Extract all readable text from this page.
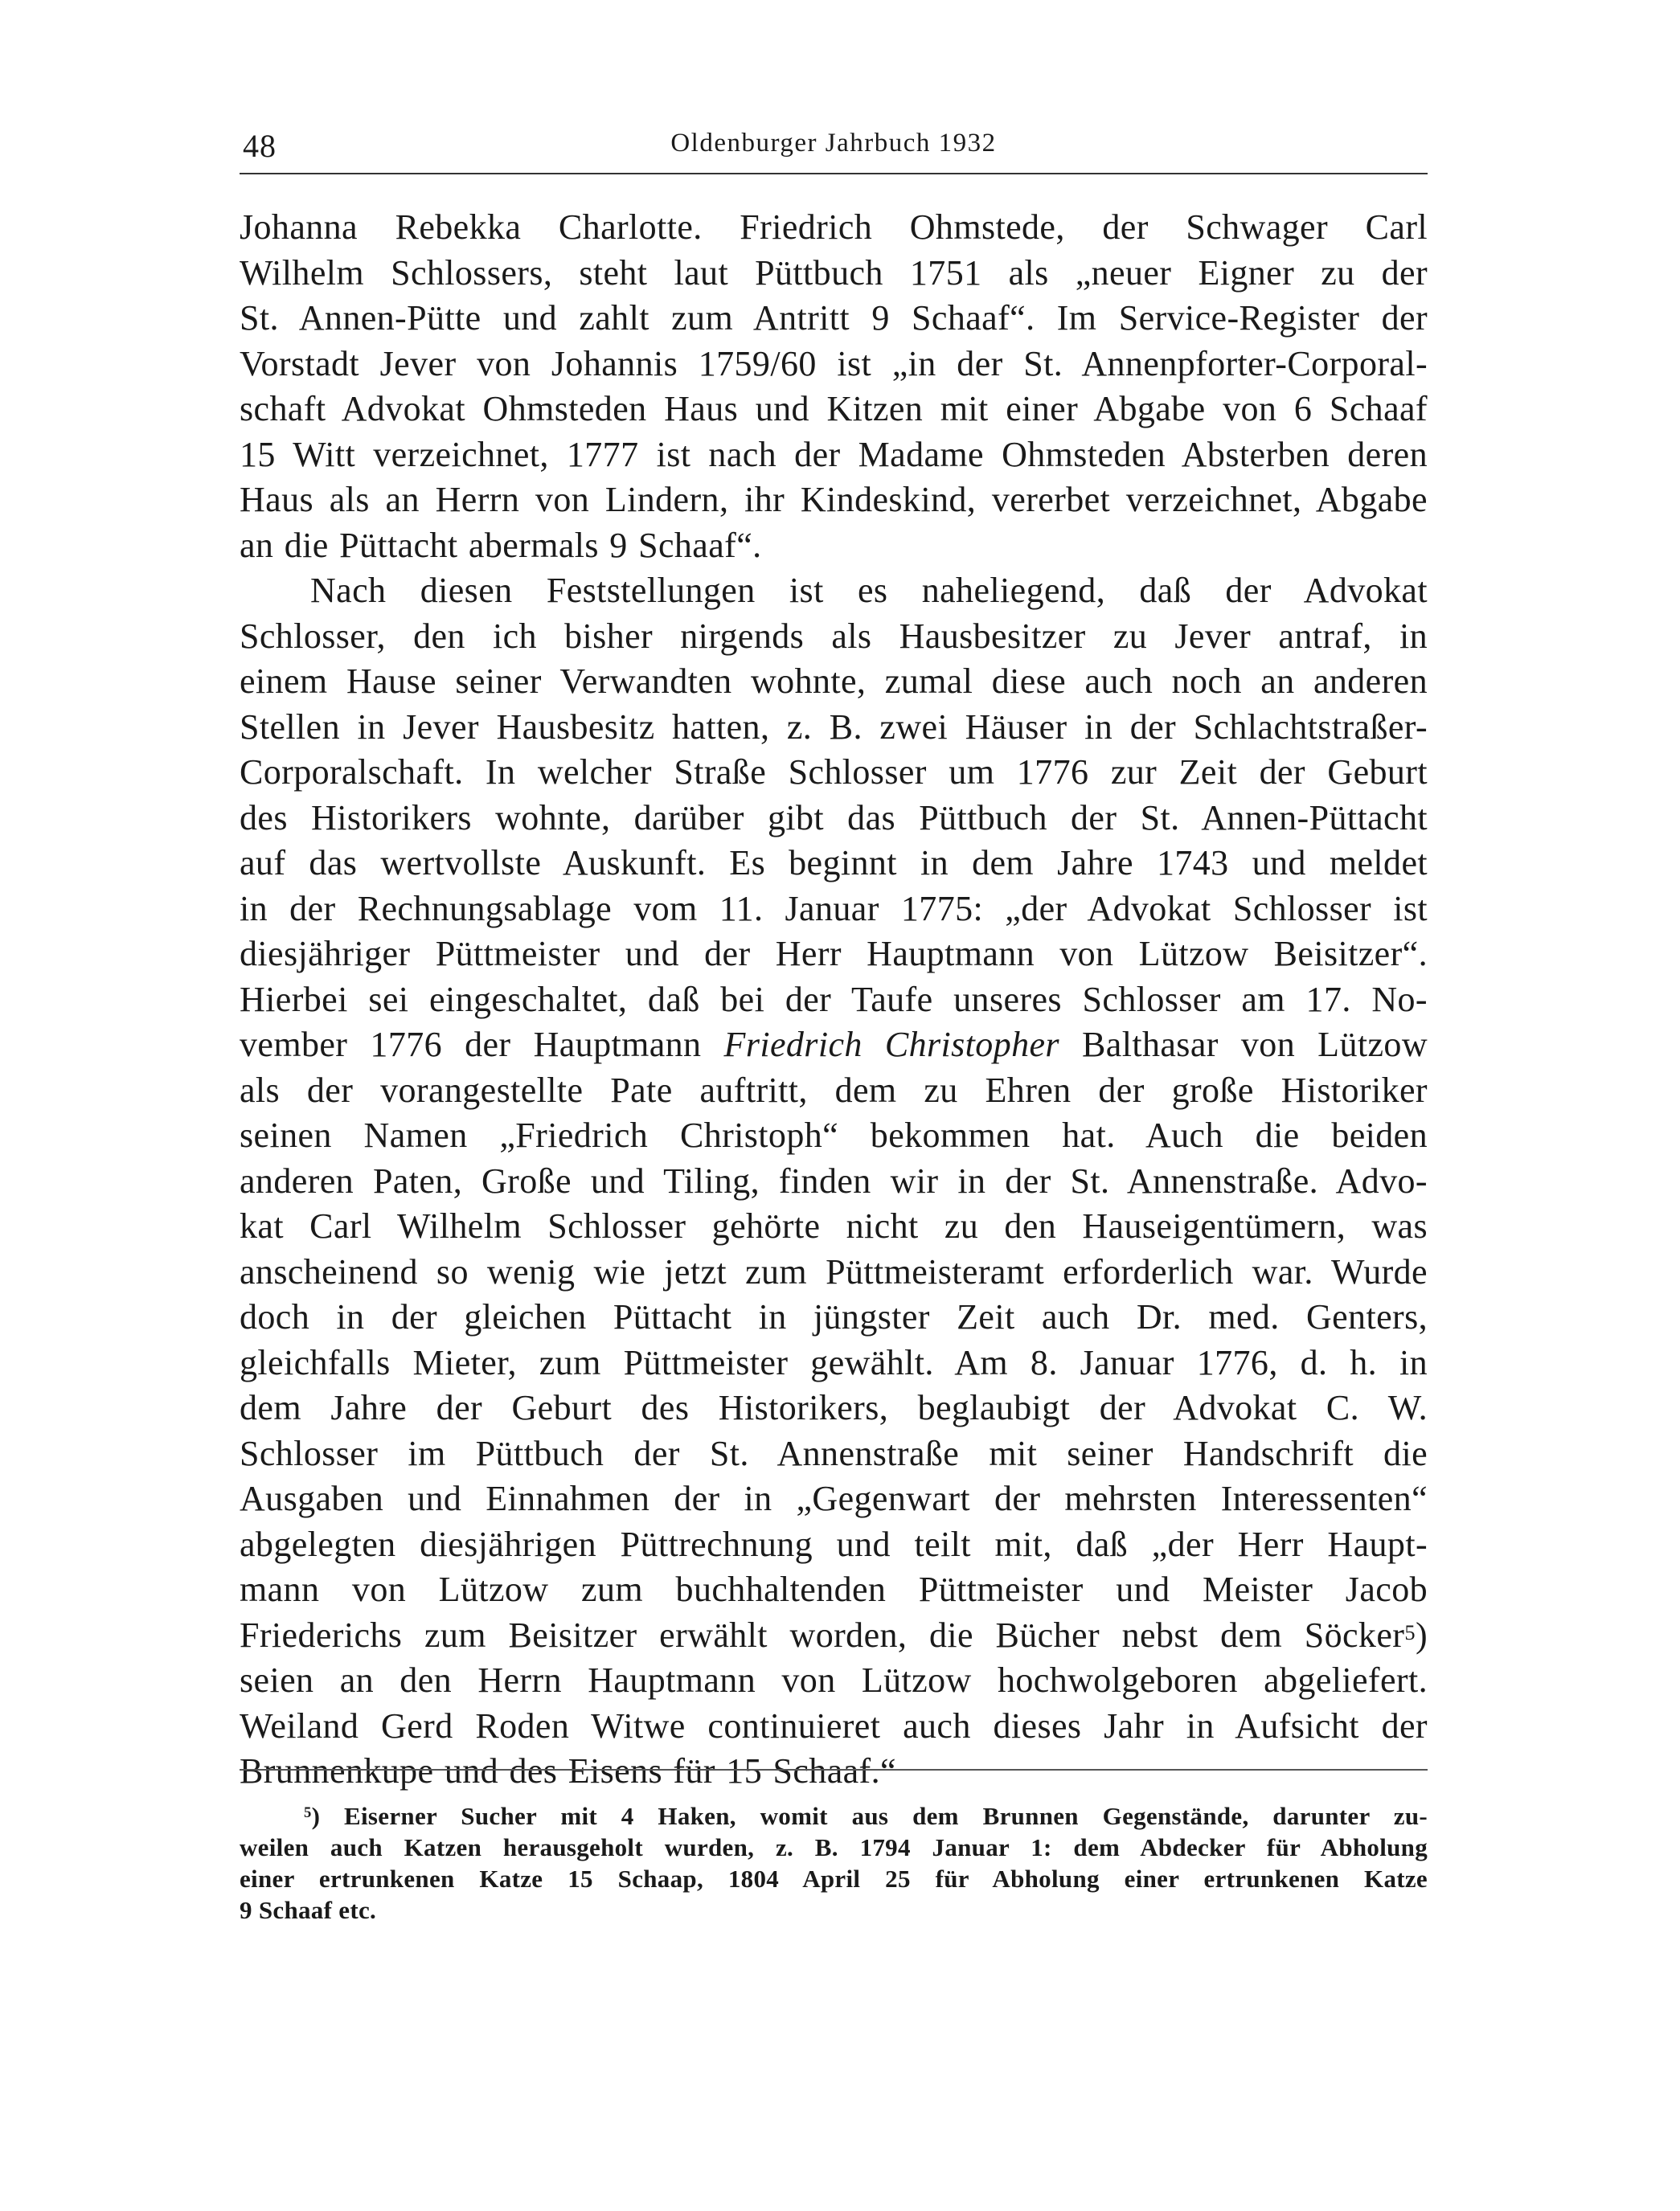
48	Oldenburger Jahrbuch 1932
Johanna Rebekka Charlotte. Friedrich Ohmstede, der Schwager Carl
Wilhelm Schlossers, steht laut Püttbuch 1751 als „neuer Eigner zu der
St. Annen-Pütte und zahlt zum Antritt 9 Schaaf“. Im Service-Register der
Vorstadt Jever von Johannis 1759/60 ist „in der St. Annenpforter-Corporal-
schaft Advokat Ohmsteden Haus und Kitzen mit einer Abgabe von 6 Schaaf
15 Witt verzeichnet, 1777 ist nach der Madame Ohmsteden Absterben deren
Haus als an Herrn von Lindern, ihr Kindeskind, vererbet verzeichnet, Abgabe
an die Püttacht abermals 9 Schaaf“.
Nach diesen Feststellungen ist es naheliegend, daß der Advokat
Schlosser, den ich bisher nirgends als Hausbesitzer zu Jever antraf, in
einem Hause seiner Verwandten wohnte, zumal diese auch noch an anderen
Stellen in Jever Hausbesitz hatten, z. B. zwei Häuser in der Schlachtstraßer-
Corporalschaft. In welcher Straße Schlosser um 1776 zur Zeit der Geburt
des Historikers wohnte, darüber gibt das Püttbuch der St. Annen-Püttacht
auf das wertvollste Auskunft. Es beginnt in dem Jahre 1743 und meldet
in der Rechnungsablage vom 11. Januar 1775: „der Advokat Schlosser ist
diesjähriger Püttmeister und der Herr Hauptmann von Lützow Beisitzer“.
Hierbei sei eingeschaltet, daß bei der Taufe unseres Schlosser am 17. No-
vember 1776 der Hauptmann Friedrich Christopher Balthasar von Lützow
als der vorangestellte Pate auftritt, dem zu Ehren der große Historiker
seinen Namen „Friedrich Christoph“ bekommen hat. Auch die beiden
anderen Paten, Große und Tiling, finden wir in der St. Annenstraße. Advo-
kat Carl Wilhelm Schlosser gehörte nicht zu den Hauseigentümern, was
anscheinend so wenig wie jetzt zum Püttmeisteramt erforderlich war. Wurde
doch in der gleichen Püttacht in jüngster Zeit auch Dr. med. Genters,
gleichfalls Mieter, zum Püttmeister gewählt. Am 8. Januar 1776, d. h. in
dem Jahre der Geburt des Historikers, beglaubigt der Advokat C. W.
Schlosser im Püttbuch der St. Annenstraße mit seiner Handschrift die
Ausgaben und Einnahmen der in „Gegenwart der mehrsten Interessenten“
abgelegten diesjährigen Püttrechnung und teilt mit, daß „der Herr Haupt-
mann von Lützow zum buchhaltenden Püttmeister und Meister Jacob
Friederichs zum Beisitzer erwählt worden, die Bücher nebst dem Söcker$^5$)
seien an den Herrn Hauptmann von Lützow hochwolgeboren abgeliefert.
Weiland Gerd Roden Witwe continuieret auch dieses Jahr in Aufsicht der
Brunnenkupe und des Eisens für 15 Schaaf.“
$^5$) Eiserner Sucher mit 4 Haken, womit aus dem Brunnen Gegenstände, darunter zu-
weilen auch Katzen herausgeholt wurden, z. B. 1794 Januar 1: dem Abdecker für Abholung
einer ertrunkenen Katze 15 Schaap, 1804 April 25 für Abholung einer ertrunkenen Katze
9 Schaaf etc.
